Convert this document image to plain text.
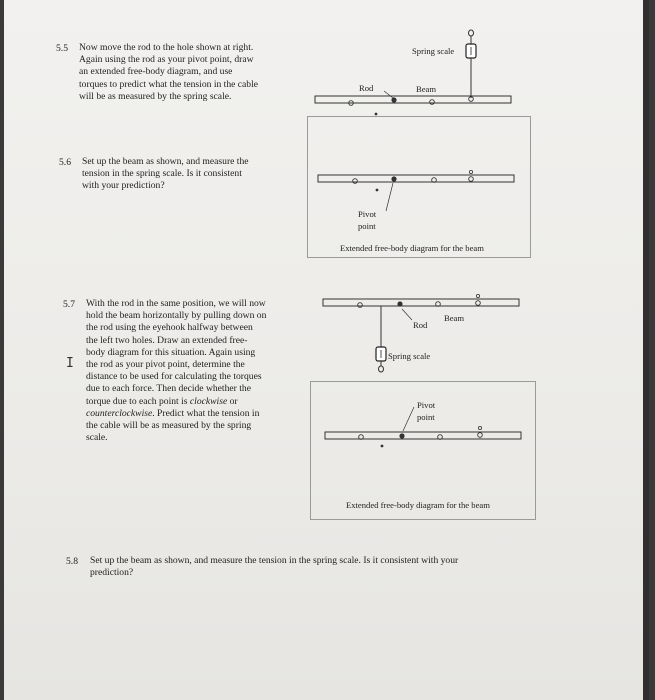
5.5 Now move the rod to the hole shown at right.
Again using the rod as your pivot point, draw
an extended free-body diagram, and use
torques to predict what the tension in the cable
will be as measured by the spring scale.
Spring scale
Rod	Beam
5.6 Set up the beam as shown, and measure the
tension in the spring scale. Is it consistent
with your prediction?
Pivot
point
Extended free-body diagram for the beam
5.7 With the rod in the same position, we will now
hold the beam horizontally by pulling down on
the rod using the eyehook halfway between
the left two holes. Draw an extended free-
body diagram for this situation. Again using
the rod as your pivot point, determine the
distance to be used for calculating the torques
due to each force. Then decide whether the
torque due to each point is clockwise or
counterclockwise. Predict what the tension in
the cable will be as measured by the spring
scale.
I
Beam
Rod
Spring scale
Pivot
point
Extended free-body diagram for the beam
5.8 Set up the beam as shown, and measure the tension in the spring scale. Is it consistent with your
prediction?
